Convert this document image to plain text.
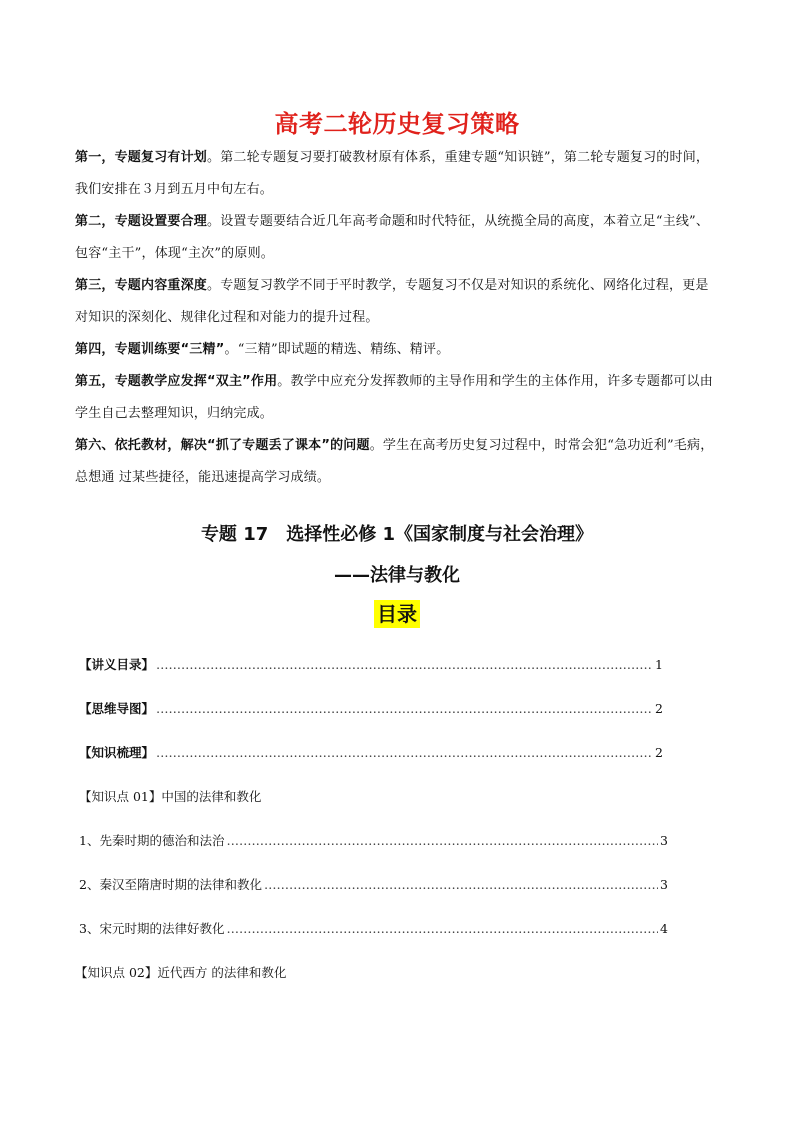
高考二轮历史复习策略

第一，专题复习有计划。第二轮专题复习要打破教材原有体系，重建专题“知识链”，第二轮专题复习的时间，我们安排在３月到五月中旬左右。

第二，专题设置要合理。设置专题要结合近几年高考命题和时代特征，从统揽全局的高度，本着立足“主线”、包容“主干”，体现“主次”的原则。

第三，专题内容重深度。专题复习教学不同于平时教学，专题复习不仅是对知识的系统化、网络化过程，更是对知识的深刻化、规律化过程和对能力的提升过程。

第四，专题训练要“三精”。“三精”即试题的精选、精练、精评。

第五，专题教学应发挥“双主”作用。教学中应充分发挥教师的主导作用和学生的主体作用，许多专题都可以由学生自己去整理知识，归纳完成。

第六、依托教材，解决“抓了专题丢了课本”的问题。学生在高考历史复习过程中，时常会犯“急功近利”毛病，总想通 过某些捷径，能迅速提高学习成绩。

专题 17　选择性必修 1《国家制度与社会治理》
——法律与教化
目录
【讲义目录】 ………………………………………………………………………………………………………………………………………………………………………………………………………	1
【思维导图】 ………………………………………………………………………………………………………………………………………………………………………………………………………	2
【知识梳理】 ………………………………………………………………………………………………………………………………………………………………………………………………………	2
【知识点 01】中国的法律和教化
1、先秦时期的德治和法治 ………………………………………………………………………………………………………………………………………………………………………………………………………	3
2、秦汉至隋唐时期的法律和教化 ………………………………………………………………………………………………………………………………………………………………………………………………………	3
3、宋元时期的法律好教化 ………………………………………………………………………………………………………………………………………………………………………………………………………	4
【知识点 02】近代西方 的法律和教化
